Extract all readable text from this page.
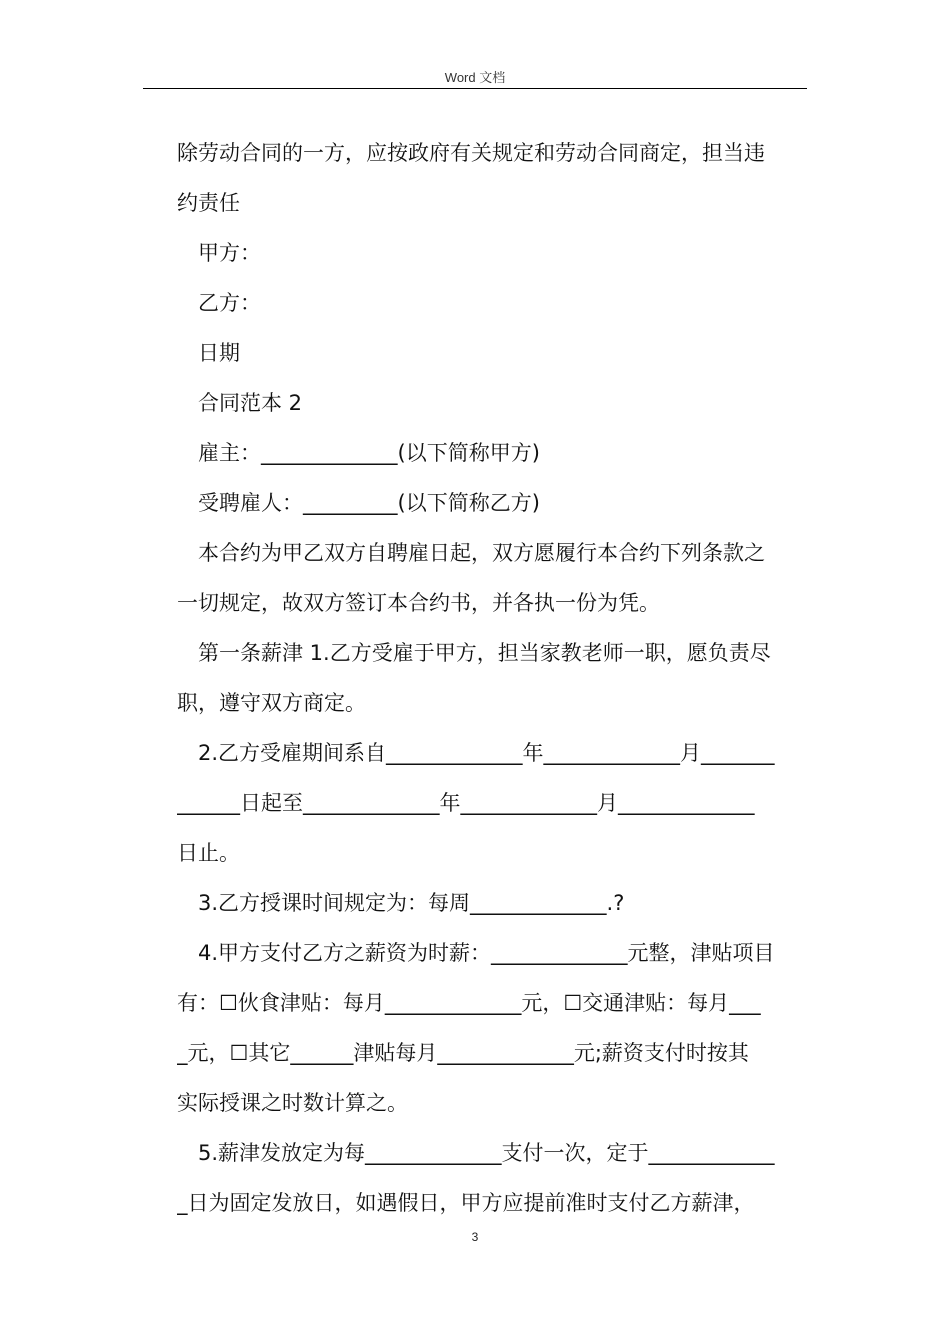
Word 文档
除劳动合同的一方，应按政府有关规定和劳动合同商定，担当违
约责任
甲方：
乙方：
日期
合同范本 2
雇主：_____________(以下简称甲方)
受聘雇人：_________(以下简称乙方)
本合约为甲乙双方自聘雇日起，双方愿履行本合约下列条款之
一切规定，故双方签订本合约书，并各执一份为凭。
第一条薪津 1.乙方受雇于甲方，担当家教老师一职，愿负责尽
职，遵守双方商定。
2.乙方受雇期间系自_____________年_____________月_______
______日起至_____________年_____________月_____________
日止。
3.乙方授课时间规定为：每周_____________.?
4.甲方支付乙方之薪资为时薪：_____________元整，津贴项目
有：☐伙食津贴：每月_____________元，☐交通津贴：每月___
_元，☐其它______津贴每月_____________元;薪资支付时按其
实际授课之时数计算之。
5.薪津发放定为每_____________支付一次，定于____________
_日为固定发放日，如遇假日，甲方应提前准时支付乙方薪津，
3
